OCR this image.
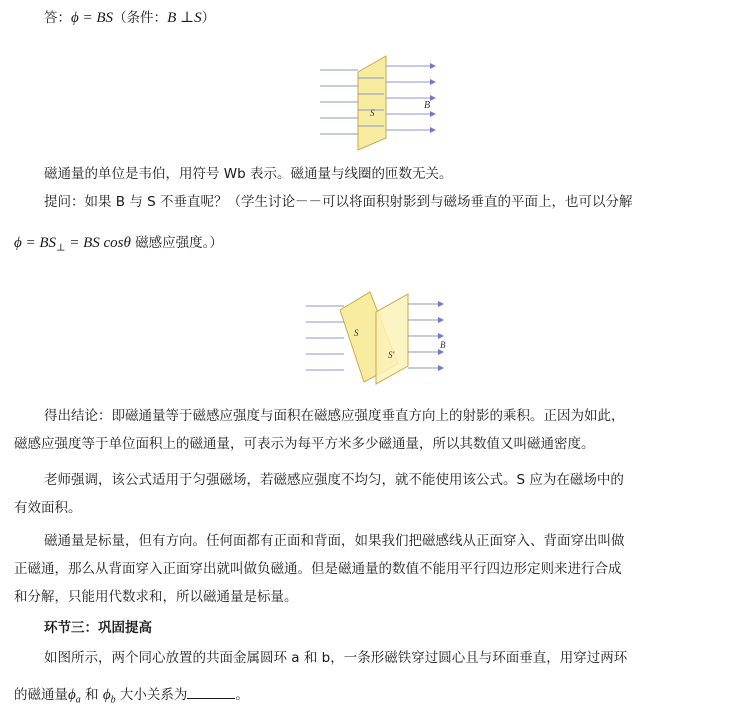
答：ϕ = BS（条件：B ⊥S）
S
B
磁通量的单位是韦伯，用符号 Wb 表示。磁通量与线圈的匝数无关。
提问：如果 B 与 S 不垂直呢？（学生讨论－－可以将面积射影到与磁场垂直的平面上，也可以分解
$\phi = BS_\perp$ = BS cosθ 磁感应强度。）
S
S'
B
得出结论：即磁通量等于磁感应强度与面积在磁感应强度垂直方向上的射影的乘积。正因为如此，
磁感应强度等于单位面积上的磁通量，可表示为每平方米多少磁通量，所以其数值又叫磁通密度。
老师强调，该公式适用于匀强磁场，若磁感应强度不均匀，就不能使用该公式。S 应为在磁场中的
有效面积。
磁通量是标量，但有方向。任何面都有正面和背面，如果我们把磁感线从正面穿入、背面穿出叫做
正磁通，那么从背面穿入正面穿出就叫做负磁通。但是磁通量的数值不能用平行四边形定则来进行合成
和分解，只能用代数求和，所以磁通量是标量。
环节三：巩固提高
如图所示，两个同心放置的共面金属圆环 a 和 b，一条形磁铁穿过圆心且与环面垂直，用穿过两环
的磁通量$\phi_a$ 和 $\phi_b$ 大小关系为	。
